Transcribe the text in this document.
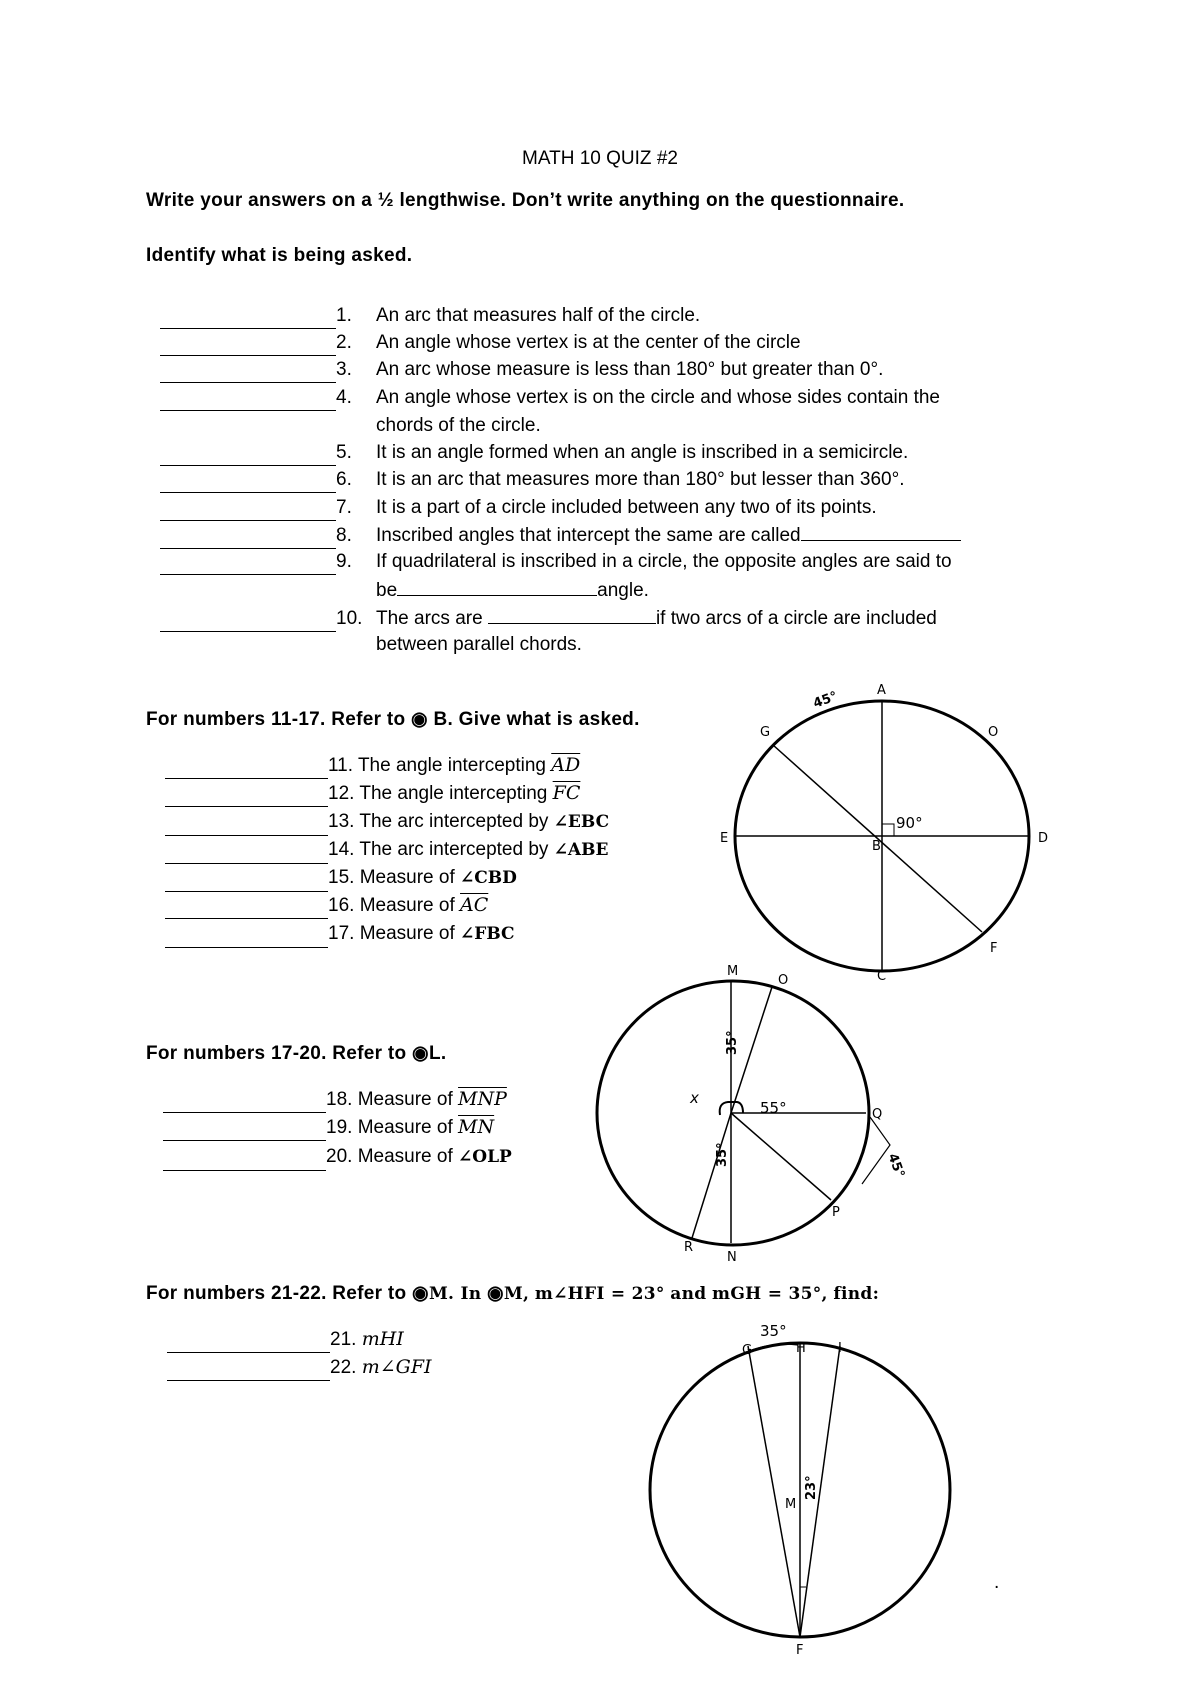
MATH 10 QUIZ #2
Write your answers on a ½ lengthwise. Don’t write anything on the questionnaire.
Identify what is being asked.
1. An arc that measures half of the circle.
2. An angle whose vertex is at the center of the circle
3. An arc whose measure is less than 180° but greater than 0°.
4. An angle whose vertex is on the circle and whose sides contain the
chords of the circle.
5. It is an angle formed when an angle is inscribed in a semicircle.
6. It is an arc that measures more than 180° but lesser than 360°.
7. It is a part of a circle included between any two of its points.
8. Inscribed angles that intercept the same are called
9. If quadrilateral is inscribed in a circle, the opposite angles are said to
be	angle.
10. The arcs are	if two arcs of a circle are included
between parallel chords.
For numbers 11-17. Refer to ◉ B. Give what is asked.
11. The angle intercepting $\overline{AD}$
12. The angle intercepting $\overline{FC}$
13. The arc intercepted by ∠EBC
14. The arc intercepted by ∠ABE
15. Measure of ∠CBD
16. Measure of $\overline{AC}$
17. Measure of ∠FBC
A
O
G
E
B
D
F
C
90°
45°
For numbers 17-20. Refer to ◉L.
18. Measure of $\overline{MNP}$
19. Measure of $\overline{MN}$
20. Measure of ∠OLP
M
O
Q
P
R
N
x
55°
35°
35°	45°
For numbers 21-22. Refer to ◉M. In ◉M, m∠HFI = 23° and mGH = 35°, find:
21. mHI
22. m∠GFI
G	H I
M
F
35°
23°
.
